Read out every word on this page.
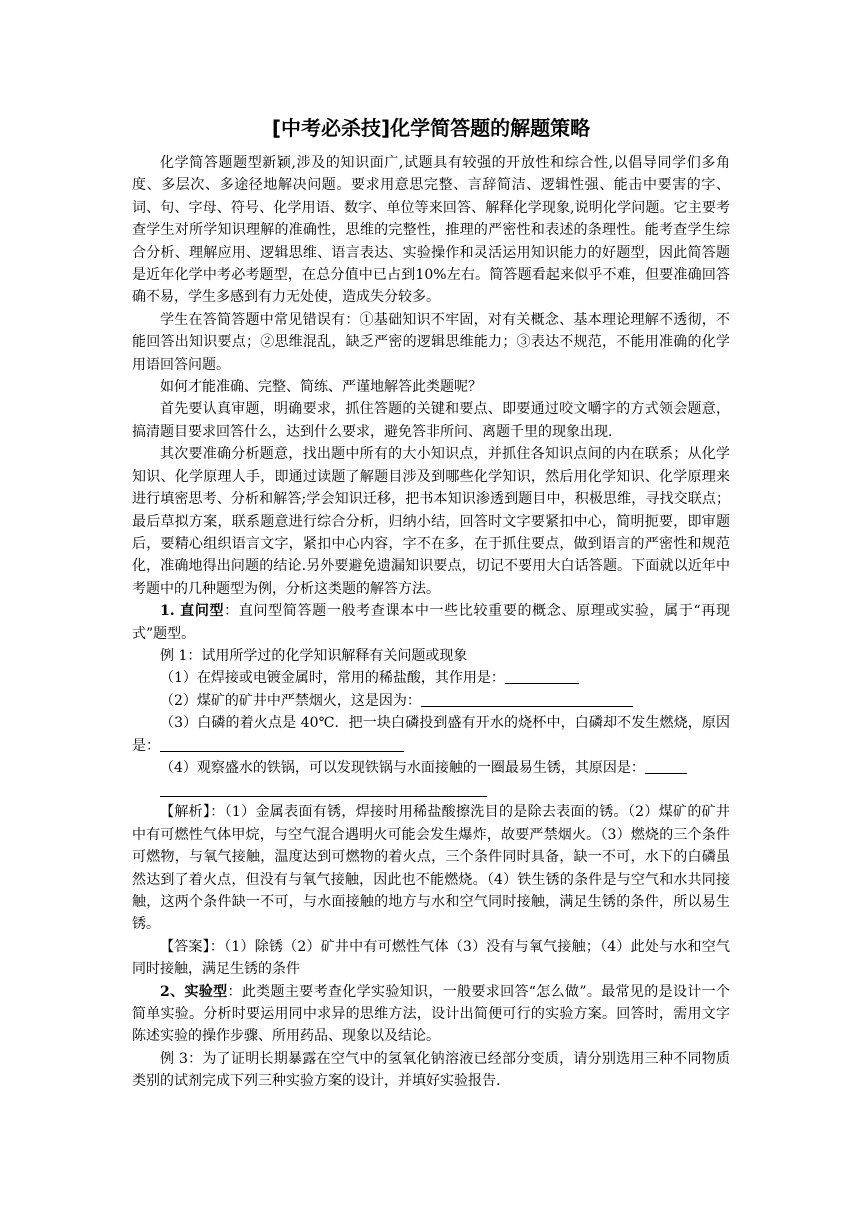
[中考必杀技]化学简答题的解题策略

化学简答题题型新颖,涉及的知识面广,试题具有较强的开放性和综合性,以倡导同学们多角度、多层次、多途径地解决问题。要求用意思完整、言辞简洁、逻辑性强、能击中要害的字、词、句、字母、符号、化学用语、数字、单位等来回答、解释化学现象,说明化学问题。它主要考查学生对所学知识理解的准确性，思维的完整性，推理的严密性和表述的条理性。能考查学生综合分析、理解应用、逻辑思维、语言表达、实验操作和灵活运用知识能力的好题型，因此简答题是近年化学中考必考题型，在总分值中已占到10%左右。简答题看起来似乎不难，但要准确回答确不易，学生多感到有力无处使，造成失分较多。

学生在答简答题中常见错误有：①基础知识不牢固，对有关概念、基本理论理解不透彻，不能回答出知识要点；②思维混乱，缺乏严密的逻辑思维能力；③表达不规范，不能用准确的化学用语回答问题。

如何才能准确、完整、简练、严谨地解答此类题呢？

首先要认真审题，明确要求，抓住答题的关键和要点、即要通过咬文嚼字的方式领会题意，搞清题目要求回答什么，达到什么要求，避免答非所问、离题千里的现象出现.

其次要准确分析题意，找出题中所有的大小知识点，并抓住各知识点间的内在联系；从化学知识、化学原理人手，即通过读题了解题目涉及到哪些化学知识，然后用化学知识、化学原理来进行填密思考、分析和解答;学会知识迁移，把书本知识渗透到题目中，积极思维，寻找交联点；最后草拟方案，联系题意进行综合分析，归纳小结，回答时文字要紧扣中心，简明扼要，即审题后，要精心组织语言文字，紧扣中心内容，字不在多，在于抓住要点，做到语言的严密性和规范化，准确地得出问题的结论.另外要避免遗漏知识要点，切记不要用大白话答题。下面就以近年中考题中的几种题型为例，分析这类题的解答方法。

1. 直问型：直问型简答题一般考查课本中一些比较重要的概念、原理或实验，属于“再现式”题型。

例 1：试用所学过的化学知识解释有关问题或现象

（1）在焊接或电镀金属时，常用的稀盐酸，其作用是：

（2）煤矿的矿井中严禁烟火，这是因为：

（3）白磷的着火点是 40℃．把一块白磷投到盛有开水的烧杯中，白磷却不发生燃烧，原因是：

（4）观察盛水的铁锅，可以发现铁锅与水面接触的一圈最易生锈，其原因是：

【解析】：（1）金属表面有锈，焊接时用稀盐酸擦洗目的是除去表面的锈。（2）煤矿的矿井中有可燃性气体甲烷，与空气混合遇明火可能会发生爆炸，故要严禁烟火。（3）燃烧的三个条件可燃物，与氧气接触，温度达到可燃物的着火点，三个条件同时具备，缺一不可，水下的白磷虽然达到了着火点，但没有与氧气接触，因此也不能燃烧。（4）铁生锈的条件是与空气和水共同接触，这两个条件缺一不可，与水面接触的地方与水和空气同时接触，满足生锈的条件，所以易生锈。

【答案】：（1）除锈（2）矿井中有可燃性气体（3）没有与氧气接触；（4）此处与水和空气同时接触，满足生锈的条件

2、实验型：此类题主要考查化学实验知识，一般要求回答“怎么做”。最常见的是设计一个简单实验。分析时要运用同中求异的思维方法，设计出简便可行的实验方案。回答时，需用文字陈述实验的操作步骤、所用药品、现象以及结论。

例 3：为了证明长期暴露在空气中的氢氧化钠溶液已经部分变质，请分别选用三种不同物质类别的试剂完成下列三种实验方案的设计，并填好实验报告.
